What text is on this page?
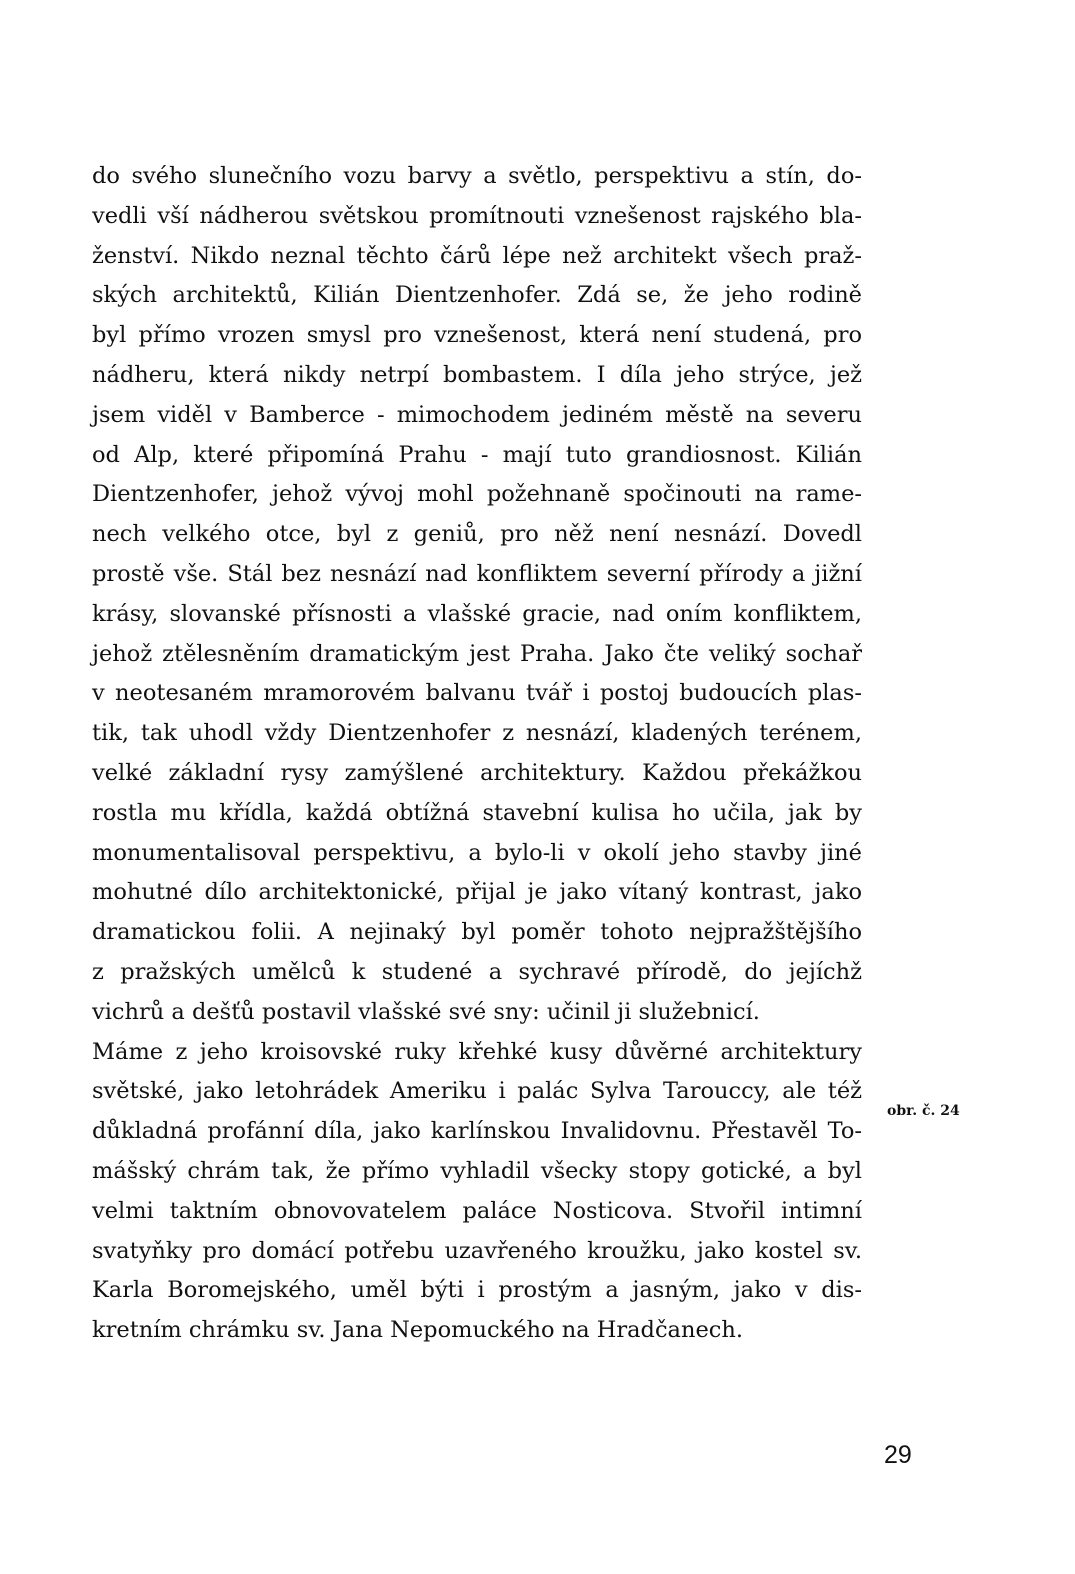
do svého slunečního vozu barvy a světlo, perspektivu a stín, do-
vedli vší nádherou světskou promítnouti vznešenost rajského bla-
ženství. Nikdo neznal těchto čárů lépe než architekt všech praž-
ských architektů, Kilián Dientzenhofer. Zdá se, že jeho rodině
byl přímo vrozen smysl pro vznešenost, která není studená, pro
nádheru, která nikdy netrpí bombastem. I díla jeho strýce, jež
jsem viděl v Bamberce - mimochodem jediném městě na severu
od Alp, které připomíná Prahu - mají tuto grandiosnost. Kilián
Dientzenhofer, jehož vývoj mohl požehnaně spočinouti na rame-
nech velkého otce, byl z geniů, pro něž není nesnází. Dovedl
prostě vše. Stál bez nesnází nad konfliktem severní přírody a jižní
krásy, slovanské přísnosti a vlašské gracie, nad oním konfliktem,
jehož ztělesněním dramatickým jest Praha. Jako čte veliký sochař
v neotesaném mramorovém balvanu tvář i postoj budoucích plas-
tik, tak uhodl vždy Dientzenhofer z nesnází, kladených terénem,
velké základní rysy zamýšlené architektury. Každou překážkou
rostla mu křídla, každá obtížná stavební kulisa ho učila, jak by
monumentalisoval perspektivu, a bylo-li v okolí jeho stavby jiné
mohutné dílo architektonické, přijal je jako vítaný kontrast, jako
dramatickou folii. A nejinaký byl poměr tohoto nejpražštějšího
z pražských umělců k studené a sychravé přírodě, do jejíchž
vichrů a dešťů postavil vlašské své sny: učinil ji služebnicí.
Máme z jeho kroisovské ruky křehké kusy důvěrné architektury
světské, jako letohrádek Ameriku i palác Sylva Tarouccy, ale též
důkladná profánní díla, jako karlínskou Invalidovnu. Přestavěl To-
mášský chrám tak, že přímo vyhladil všecky stopy gotické, a byl
velmi taktním obnovovatelem paláce Nosticova. Stvořil intimní
svatyňky pro domácí potřebu uzavřeného kroužku, jako kostel sv.
Karla Boromejského, uměl býti i prostým a jasným, jako v dis-
kretním chrámku sv. Jana Nepomuckého na Hradčanech.
obr. č. 24
29
